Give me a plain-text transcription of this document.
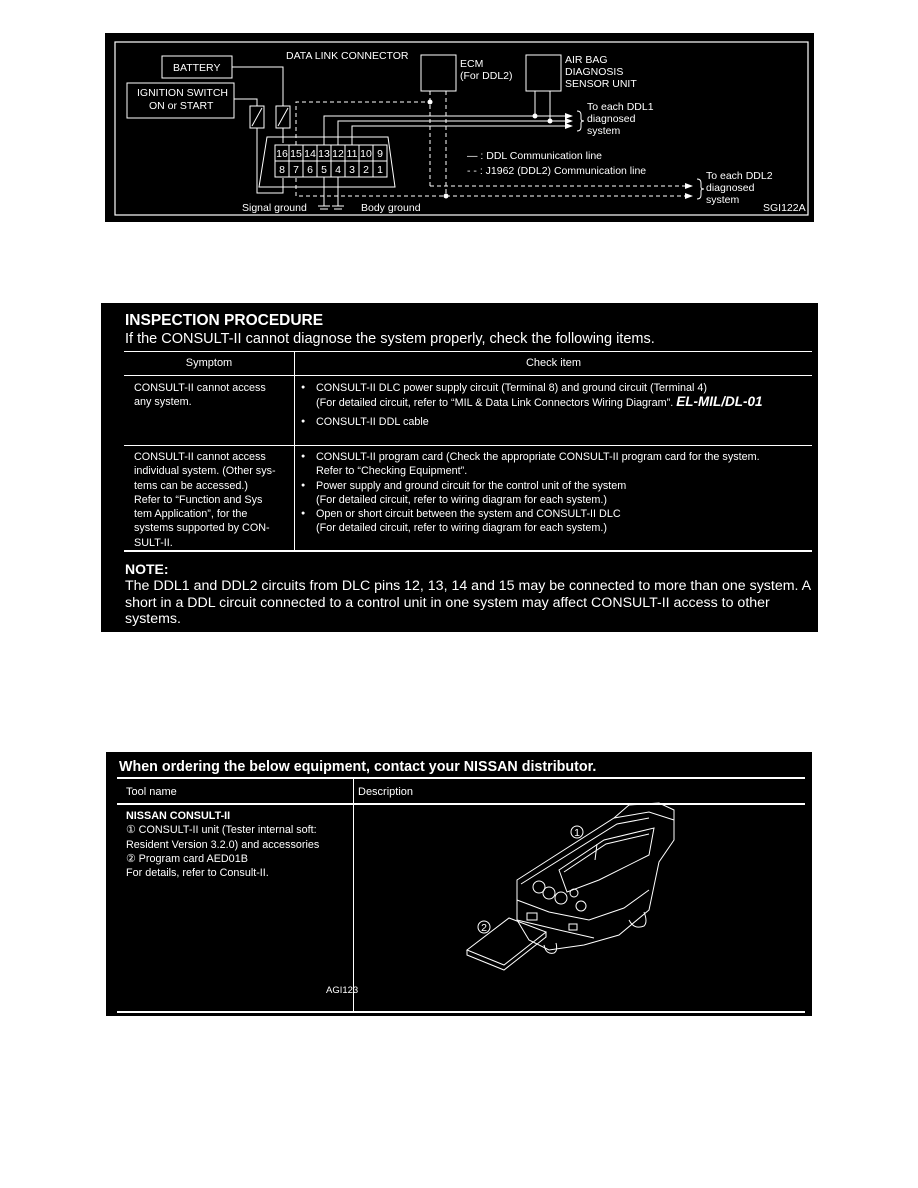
16 15 14 13 12 11 10 9
8 7 6 5 4 3 2 1
BATTERY
IGNITION SWITCH
ON or START
DATA LINK CONNECTOR
ECM
(For DDL2)
AIR BAG
DIAGNOSIS
SENSOR UNIT
To each DDL1
diagnosed
system
— : DDL Communication line
- - : J1962 (DDL2) Communication line	To each DDL2
diagnosed
system
Signal ground	Body ground	SGI122A
INSPECTION PROCEDURE
If the CONSULT-II cannot diagnose the system properly, check the following items.
Symptom	Check item
CONSULT-II cannot access any system.
● CONSULT-II DLC power supply circuit (Terminal 8) and ground circuit (Terminal 4)
(For detailed circuit, refer to “MIL & Data Link Connectors Wiring Diagram”. EL-MIL/DL-01
● CONSULT-II DDL cable
CONSULT-II cannot access
individual system. (Other sys-
tems can be accessed.)
Refer to “Function and Sys
tem Application”, for the
systems supported by CON-
SULT-II.
● CONSULT-II program card (Check the appropriate CONSULT-II program card for the system.
Refer to “Checking Equipment”.
● Power supply and ground circuit for the control unit of the system
(For detailed circuit, refer to wiring diagram for each system.)
● Open or short circuit between the system and CONSULT-II DLC
(For detailed circuit, refer to wiring diagram for each system.)
NOTE:
The DDL1 and DDL2 circuits from DLC pins 12, 13, 14 and 15 may be connected to more than one system. A short in a DDL circuit connected to a control unit in one system may affect CONSULT-II access to other systems.
When ordering the below equipment, contact your NISSAN distributor.
Tool name	Description
NISSAN CONSULT-II
① CONSULT-II unit (Tester internal soft:
Resident Version 3.2.0) and accessories
② Program card AED01B
For details, refer to Consult-II.
1
2
AGI123
